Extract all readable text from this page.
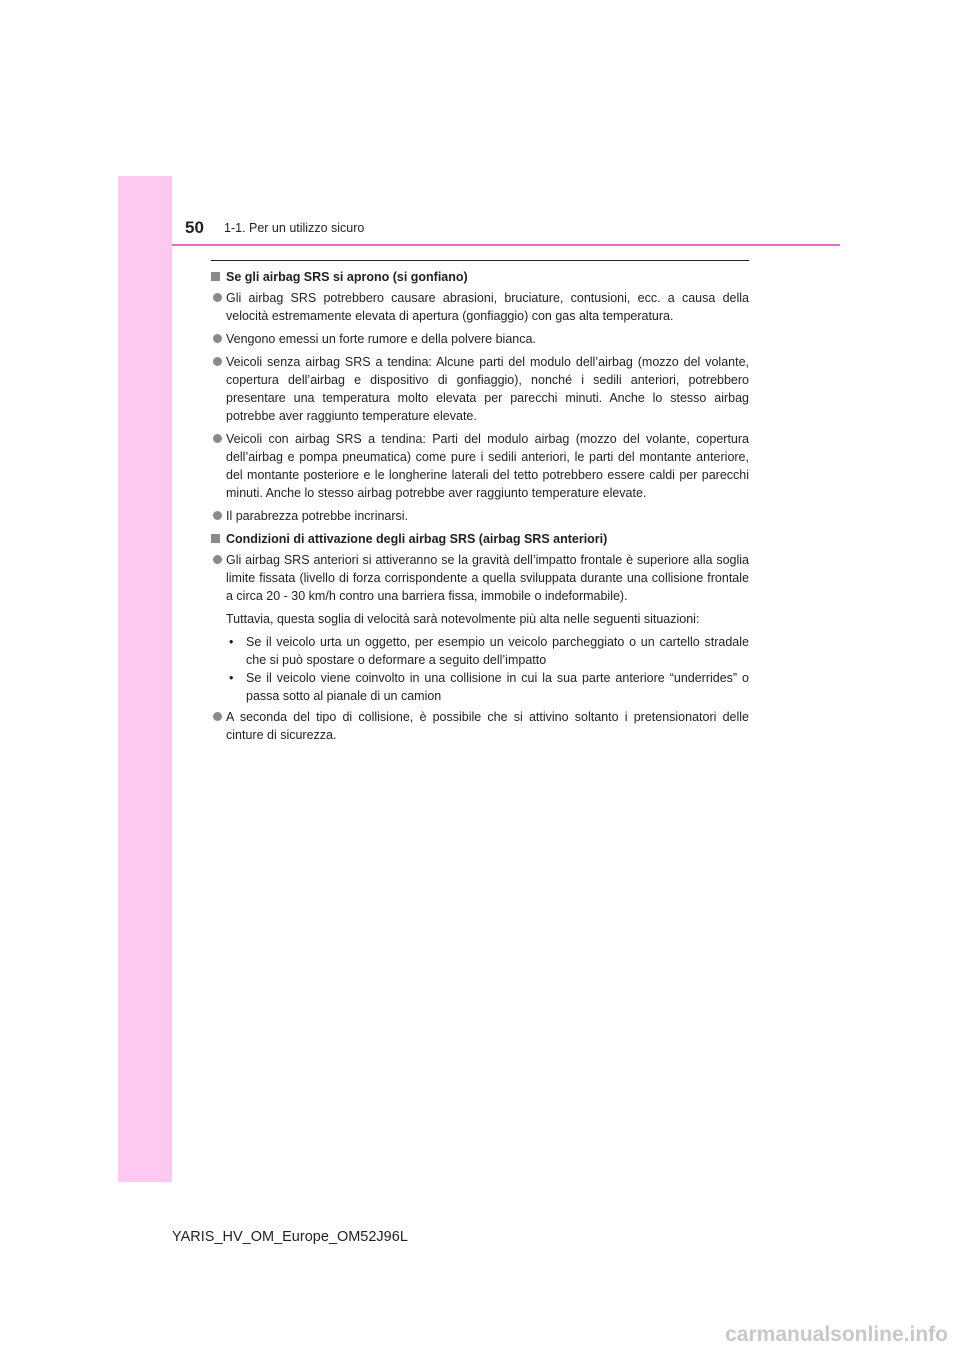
50 1-1. Per un utilizzo sicuro
Se gli airbag SRS si aprono (si gonfiano)
Gli airbag SRS potrebbero causare abrasioni, bruciature, contusioni, ecc. a causa della velocità estremamente elevata di apertura (gonfiaggio) con gas alta temperatura.
Vengono emessi un forte rumore e della polvere bianca.
Veicoli senza airbag SRS a tendina: Alcune parti del modulo dell’airbag (mozzo del volante, copertura dell’airbag e dispositivo di gonfiaggio), nonché i sedili anteriori, potrebbero presentare una temperatura molto elevata per parecchi minuti. Anche lo stesso airbag potrebbe aver raggiunto temperature elevate.
Veicoli con airbag SRS a tendina: Parti del modulo airbag (mozzo del volante, copertura dell’airbag e pompa pneumatica) come pure i sedili anteriori, le parti del montante anteriore, del montante posteriore e le longherine laterali del tetto potrebbero essere caldi per parecchi minuti. Anche lo stesso airbag potrebbe aver raggiunto temperature elevate.
Il parabrezza potrebbe incrinarsi.
Condizioni di attivazione degli airbag SRS (airbag SRS anteriori)
Gli airbag SRS anteriori si attiveranno se la gravità dell’impatto frontale è superiore alla soglia limite fissata (livello di forza corrispondente a quella sviluppata durante una collisione frontale a circa 20 - 30 km/h contro una barriera fissa, immobile o indeformabile).
Tuttavia, questa soglia di velocità sarà notevolmente più alta nelle seguenti situazioni:
• Se il veicolo urta un oggetto, per esempio un veicolo parcheggiato o un cartello stradale che si può spostare o deformare a seguito dell’impatto
• Se il veicolo viene coinvolto in una collisione in cui la sua parte anteriore “underrides” o passa sotto al pianale di un camion
A seconda del tipo di collisione, è possibile che si attivino soltanto i pretensionatori delle cinture di sicurezza.
YARIS_HV_OM_Europe_OM52J96L
carmanualsonline.info
